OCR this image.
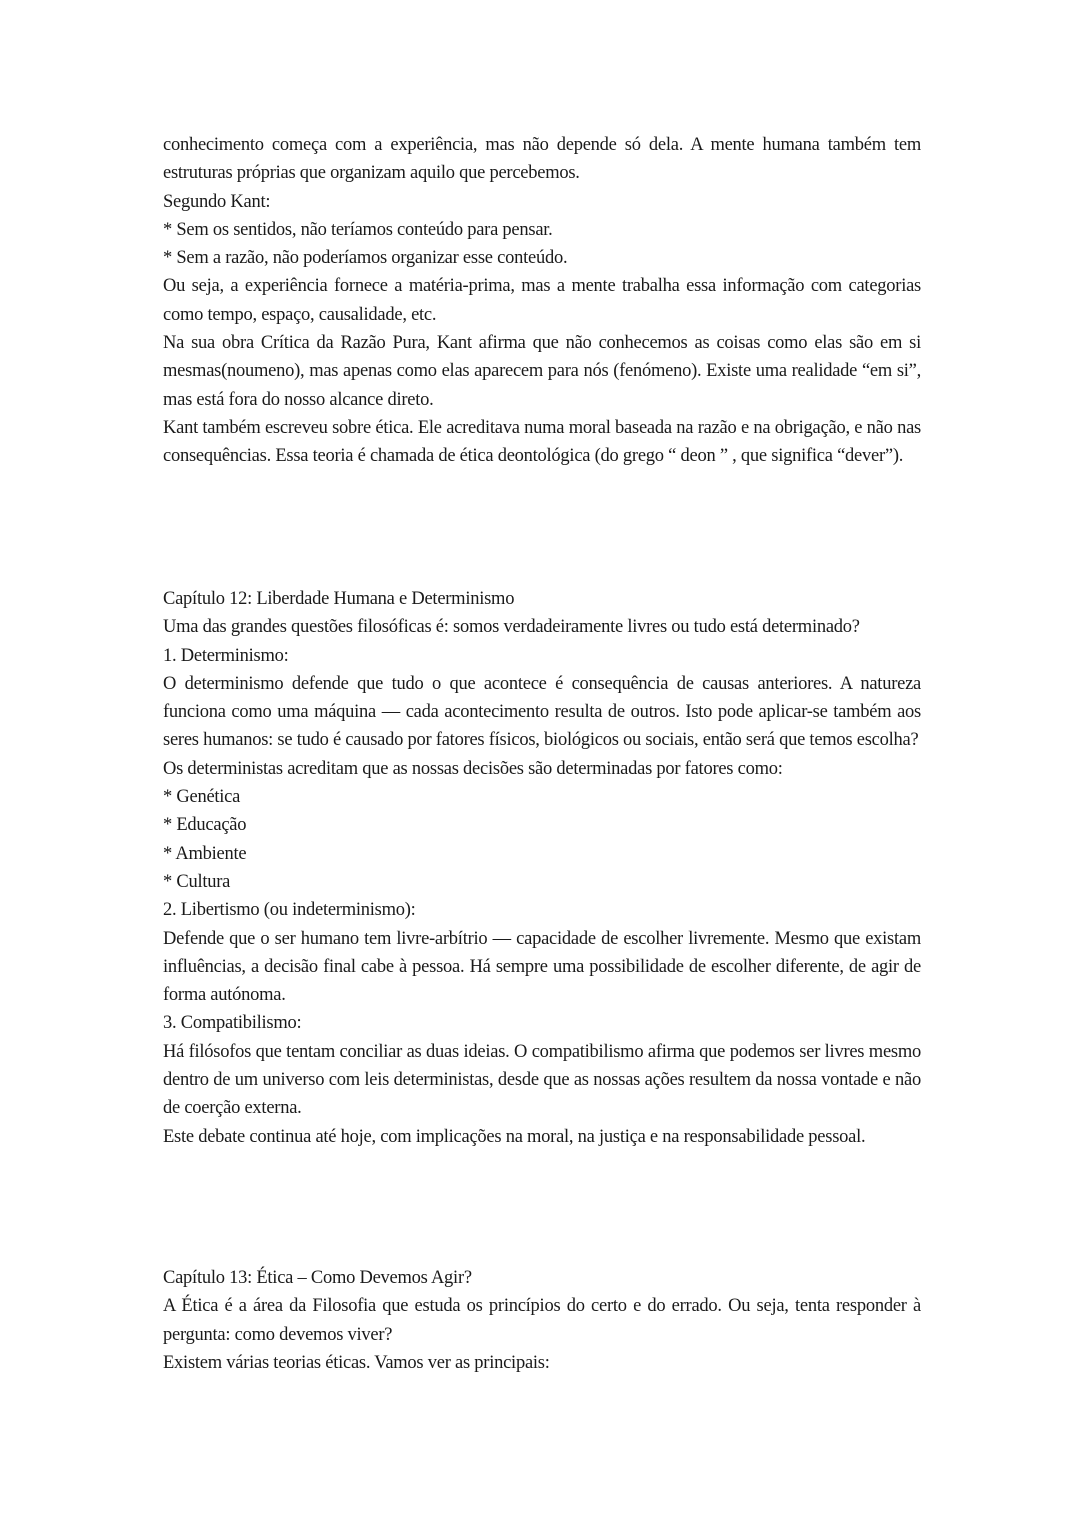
conhecimento começa com a experiência, mas não depende só dela. A mente humana também tem estruturas próprias que organizam aquilo que percebemos.

Segundo Kant:

* Sem os sentidos, não teríamos conteúdo para pensar.

* Sem a razão, não poderíamos organizar esse conteúdo.

Ou seja, a experiência fornece a matéria-prima, mas a mente trabalha essa informação com categorias como tempo, espaço, causalidade, etc.

Na sua obra Crítica da Razão Pura, Kant afirma que não conhecemos as coisas como elas são em si mesmas(noumeno), mas apenas como elas aparecem para nós (fenómeno). Existe uma realidade “em si”, mas está fora do nosso alcance direto.

Kant também escreveu sobre ética. Ele acreditava numa moral baseada na razão e na obrigação, e não nas consequências. Essa teoria é chamada de ética deontológica (do grego “ deon ” , que significa “dever”).

Capítulo 12: Liberdade Humana e Determinismo

Uma das grandes questões filosóficas é: somos verdadeiramente livres ou tudo está determinado?

1. Determinismo:

O determinismo defende que tudo o que acontece é consequência de causas anteriores. A natureza funciona como uma máquina — cada acontecimento resulta de outros. Isto pode aplicar-se também aos seres humanos: se tudo é causado por fatores físicos, biológicos ou sociais, então será que temos escolha?

Os deterministas acreditam que as nossas decisões são determinadas por fatores como:

* Genética

* Educação

* Ambiente

* Cultura

2. Libertismo (ou indeterminismo):

Defende que o ser humano tem livre-arbítrio — capacidade de escolher livremente. Mesmo que existam influências, a decisão final cabe à pessoa. Há sempre uma possibilidade de escolher diferente, de agir de forma autónoma.

3. Compatibilismo:

Há filósofos que tentam conciliar as duas ideias. O compatibilismo afirma que podemos ser livres mesmo dentro de um universo com leis deterministas, desde que as nossas ações resultem da nossa vontade e não de coerção externa.

Este debate continua até hoje, com implicações na moral, na justiça e na responsabilidade pessoal.

Capítulo 13: Ética – Como Devemos Agir?

A Ética é a área da Filosofia que estuda os princípios do certo e do errado. Ou seja, tenta responder à pergunta: como devemos viver?

Existem várias teorias éticas. Vamos ver as principais:
